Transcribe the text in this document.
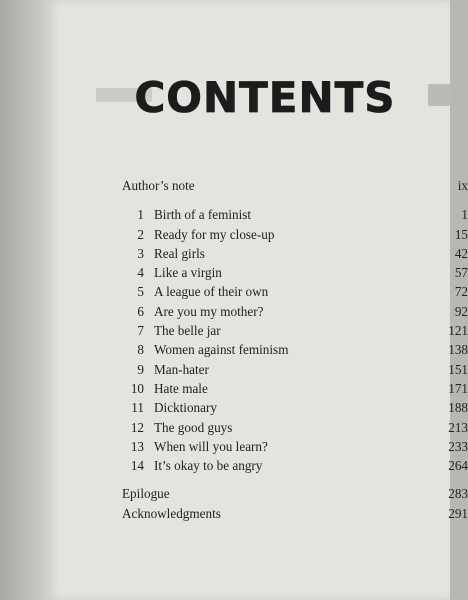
CONTENTS
Author’s note	ix
1 Birth of a feminist	1
2 Ready for my close-up	15
3 Real girls	42
4 Like a virgin	57
5 A league of their own	72
6 Are you my mother?	92
7 The belle jar	121
8 Women against feminism	138
9 Man-hater	151
10 Hate male	171
11 Dicktionary	188
12 The good guys	213
13 When will you learn?	233
14 It’s okay to be angry	264
Epilogue	283
Acknowledgments	291
